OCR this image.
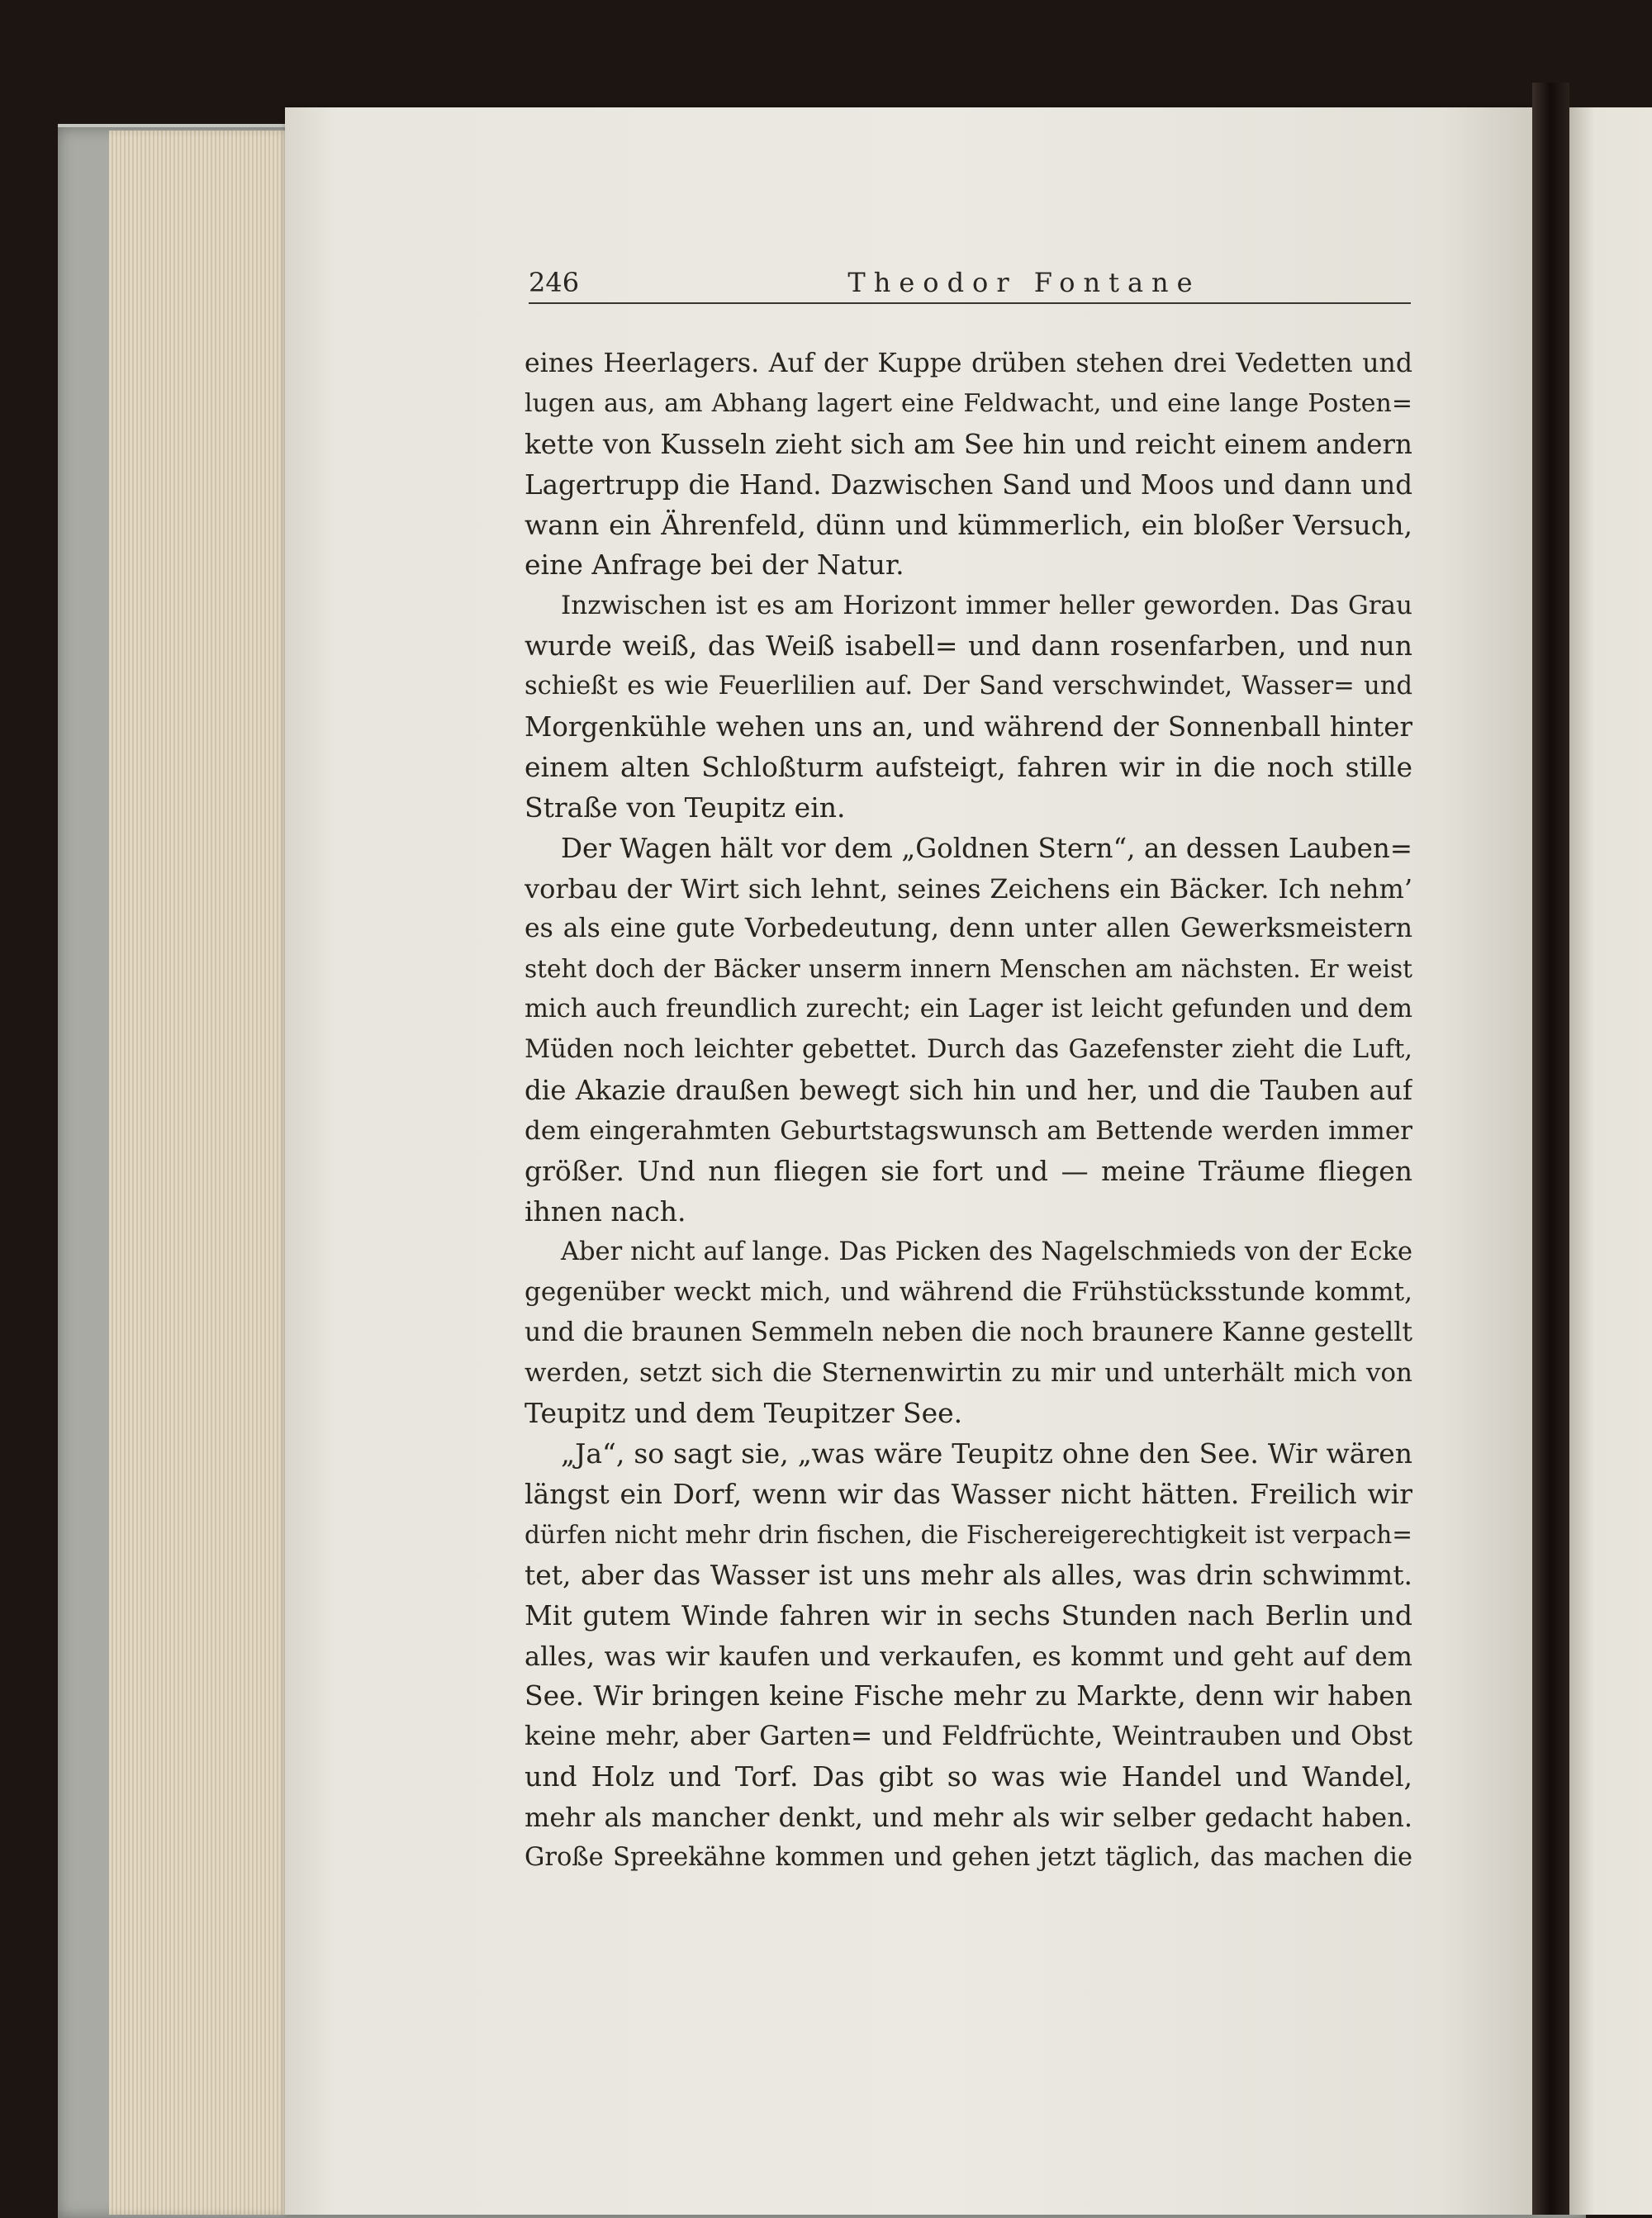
246	Theodor Fontane
eines Heerlagers. Auf der Kuppe drüben stehen drei Vedetten und
lugen aus, am Abhang lagert eine Feldwacht, und eine lange Posten=
kette von Kusseln zieht sich am See hin und reicht einem andern
Lagertrupp die Hand. Dazwischen Sand und Moos und dann und
wann ein Ährenfeld, dünn und kümmerlich, ein bloßer Versuch,
eine Anfrage bei der Natur.
Inzwischen ist es am Horizont immer heller geworden. Das Grau
wurde weiß, das Weiß isabell= und dann rosenfarben, und nun
schießt es wie Feuerlilien auf. Der Sand verschwindet, Wasser= und
Morgenkühle wehen uns an, und während der Sonnenball hinter
einem alten Schloßturm aufsteigt, fahren wir in die noch stille
Straße von Teupitz ein.
Der Wagen hält vor dem „Goldnen Stern“, an dessen Lauben=
vorbau der Wirt sich lehnt, seines Zeichens ein Bäcker. Ich nehm’
es als eine gute Vorbedeutung, denn unter allen Gewerksmeistern
steht doch der Bäcker unserm innern Menschen am nächsten. Er weist
mich auch freundlich zurecht; ein Lager ist leicht gefunden und dem
Müden noch leichter gebettet. Durch das Gazefenster zieht die Luft,
die Akazie draußen bewegt sich hin und her, und die Tauben auf
dem eingerahmten Geburtstagswunsch am Bettende werden immer
größer. Und nun fliegen sie fort und — meine Träume fliegen
ihnen nach.
Aber nicht auf lange. Das Picken des Nagelschmieds von der Ecke
gegenüber weckt mich, und während die Frühstücksstunde kommt,
und die braunen Semmeln neben die noch braunere Kanne gestellt
werden, setzt sich die Sternenwirtin zu mir und unterhält mich von
Teupitz und dem Teupitzer See.
„Ja“, so sagt sie, „was wäre Teupitz ohne den See. Wir wären
längst ein Dorf, wenn wir das Wasser nicht hätten. Freilich wir
dürfen nicht mehr drin fischen, die Fischereigerechtigkeit ist verpach=
tet, aber das Wasser ist uns mehr als alles, was drin schwimmt.
Mit gutem Winde fahren wir in sechs Stunden nach Berlin und
alles, was wir kaufen und verkaufen, es kommt und geht auf dem
See. Wir bringen keine Fische mehr zu Markte, denn wir haben
keine mehr, aber Garten= und Feldfrüchte, Weintrauben und Obst
und Holz und Torf. Das gibt so was wie Handel und Wandel,
mehr als mancher denkt, und mehr als wir selber gedacht haben.
Große Spreekähne kommen und gehen jetzt täglich, das machen die
